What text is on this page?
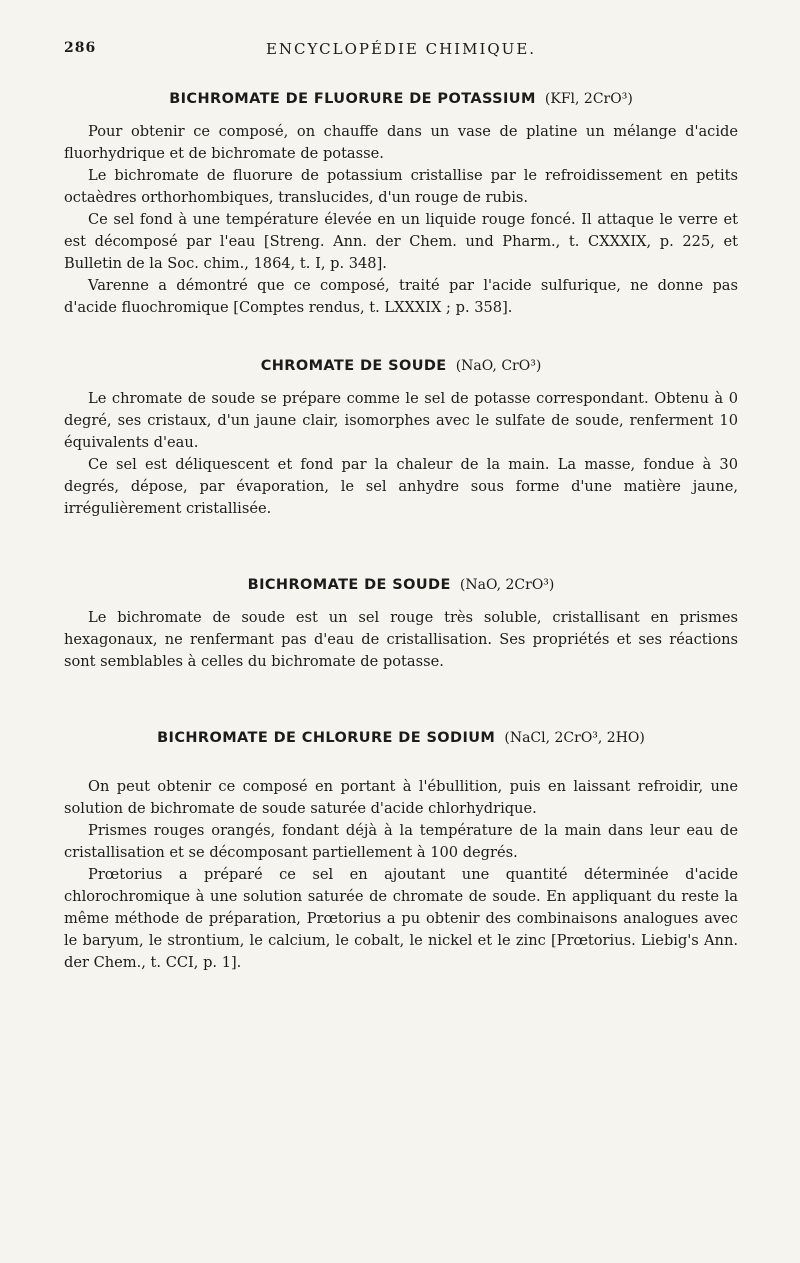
286	ENCYCLOPÉDIE CHIMIQUE.
BICHROMATE DE FLUORURE DE POTASSIUM (KFl, 2CrO³)

Pour obtenir ce composé, on chauffe dans un vase de platine un mélange d'acide fluorhydrique et de bichromate de potasse.

Le bichromate de fluorure de potassium cristallise par le refroidissement en petits octaèdres orthorhombiques, translucides, d'un rouge de rubis.

Ce sel fond à une température élevée en un liquide rouge foncé. Il attaque le verre et est décomposé par l'eau [Streng. Ann. der Chem. und Pharm., t. CXXXIX, p. 225, et Bulletin de la Soc. chim., 1864, t. I, p. 348].

Varenne a démontré que ce composé, traité par l'acide sulfurique, ne donne pas d'acide fluochromique [Comptes rendus, t. LXXXIX ; p. 358].

CHROMATE DE SOUDE (NaO, CrO³)

Le chromate de soude se prépare comme le sel de potasse correspondant. Obtenu à 0 degré, ses cristaux, d'un jaune clair, isomorphes avec le sulfate de soude, renferment 10 équivalents d'eau.

Ce sel est déliquescent et fond par la chaleur de la main. La masse, fondue à 30 degrés, dépose, par évaporation, le sel anhydre sous forme d'une matière jaune, irrégulièrement cristallisée.

BICHROMATE DE SOUDE (NaO, 2CrO³)

Le bichromate de soude est un sel rouge très soluble, cristallisant en prismes hexagonaux, ne renfermant pas d'eau de cristallisation. Ses propriétés et ses réactions sont semblables à celles du bichromate de potasse.

BICHROMATE DE CHLORURE DE SODIUM (NaCl, 2CrO³, 2HO)

On peut obtenir ce composé en portant à l'ébullition, puis en laissant refroidir, une solution de bichromate de soude saturée d'acide chlorhydrique.

Prismes rouges orangés, fondant déjà à la température de la main dans leur eau de cristallisation et se décomposant partiellement à 100 degrés.

Prœtorius a préparé ce sel en ajoutant une quantité déterminée d'acide chlorochromique à une solution saturée de chromate de soude. En appliquant du reste la même méthode de préparation, Prœtorius a pu obtenir des combinaisons analogues avec le baryum, le strontium, le calcium, le cobalt, le nickel et le zinc [Prœtorius. Liebig's Ann. der Chem., t. CCI, p. 1].
